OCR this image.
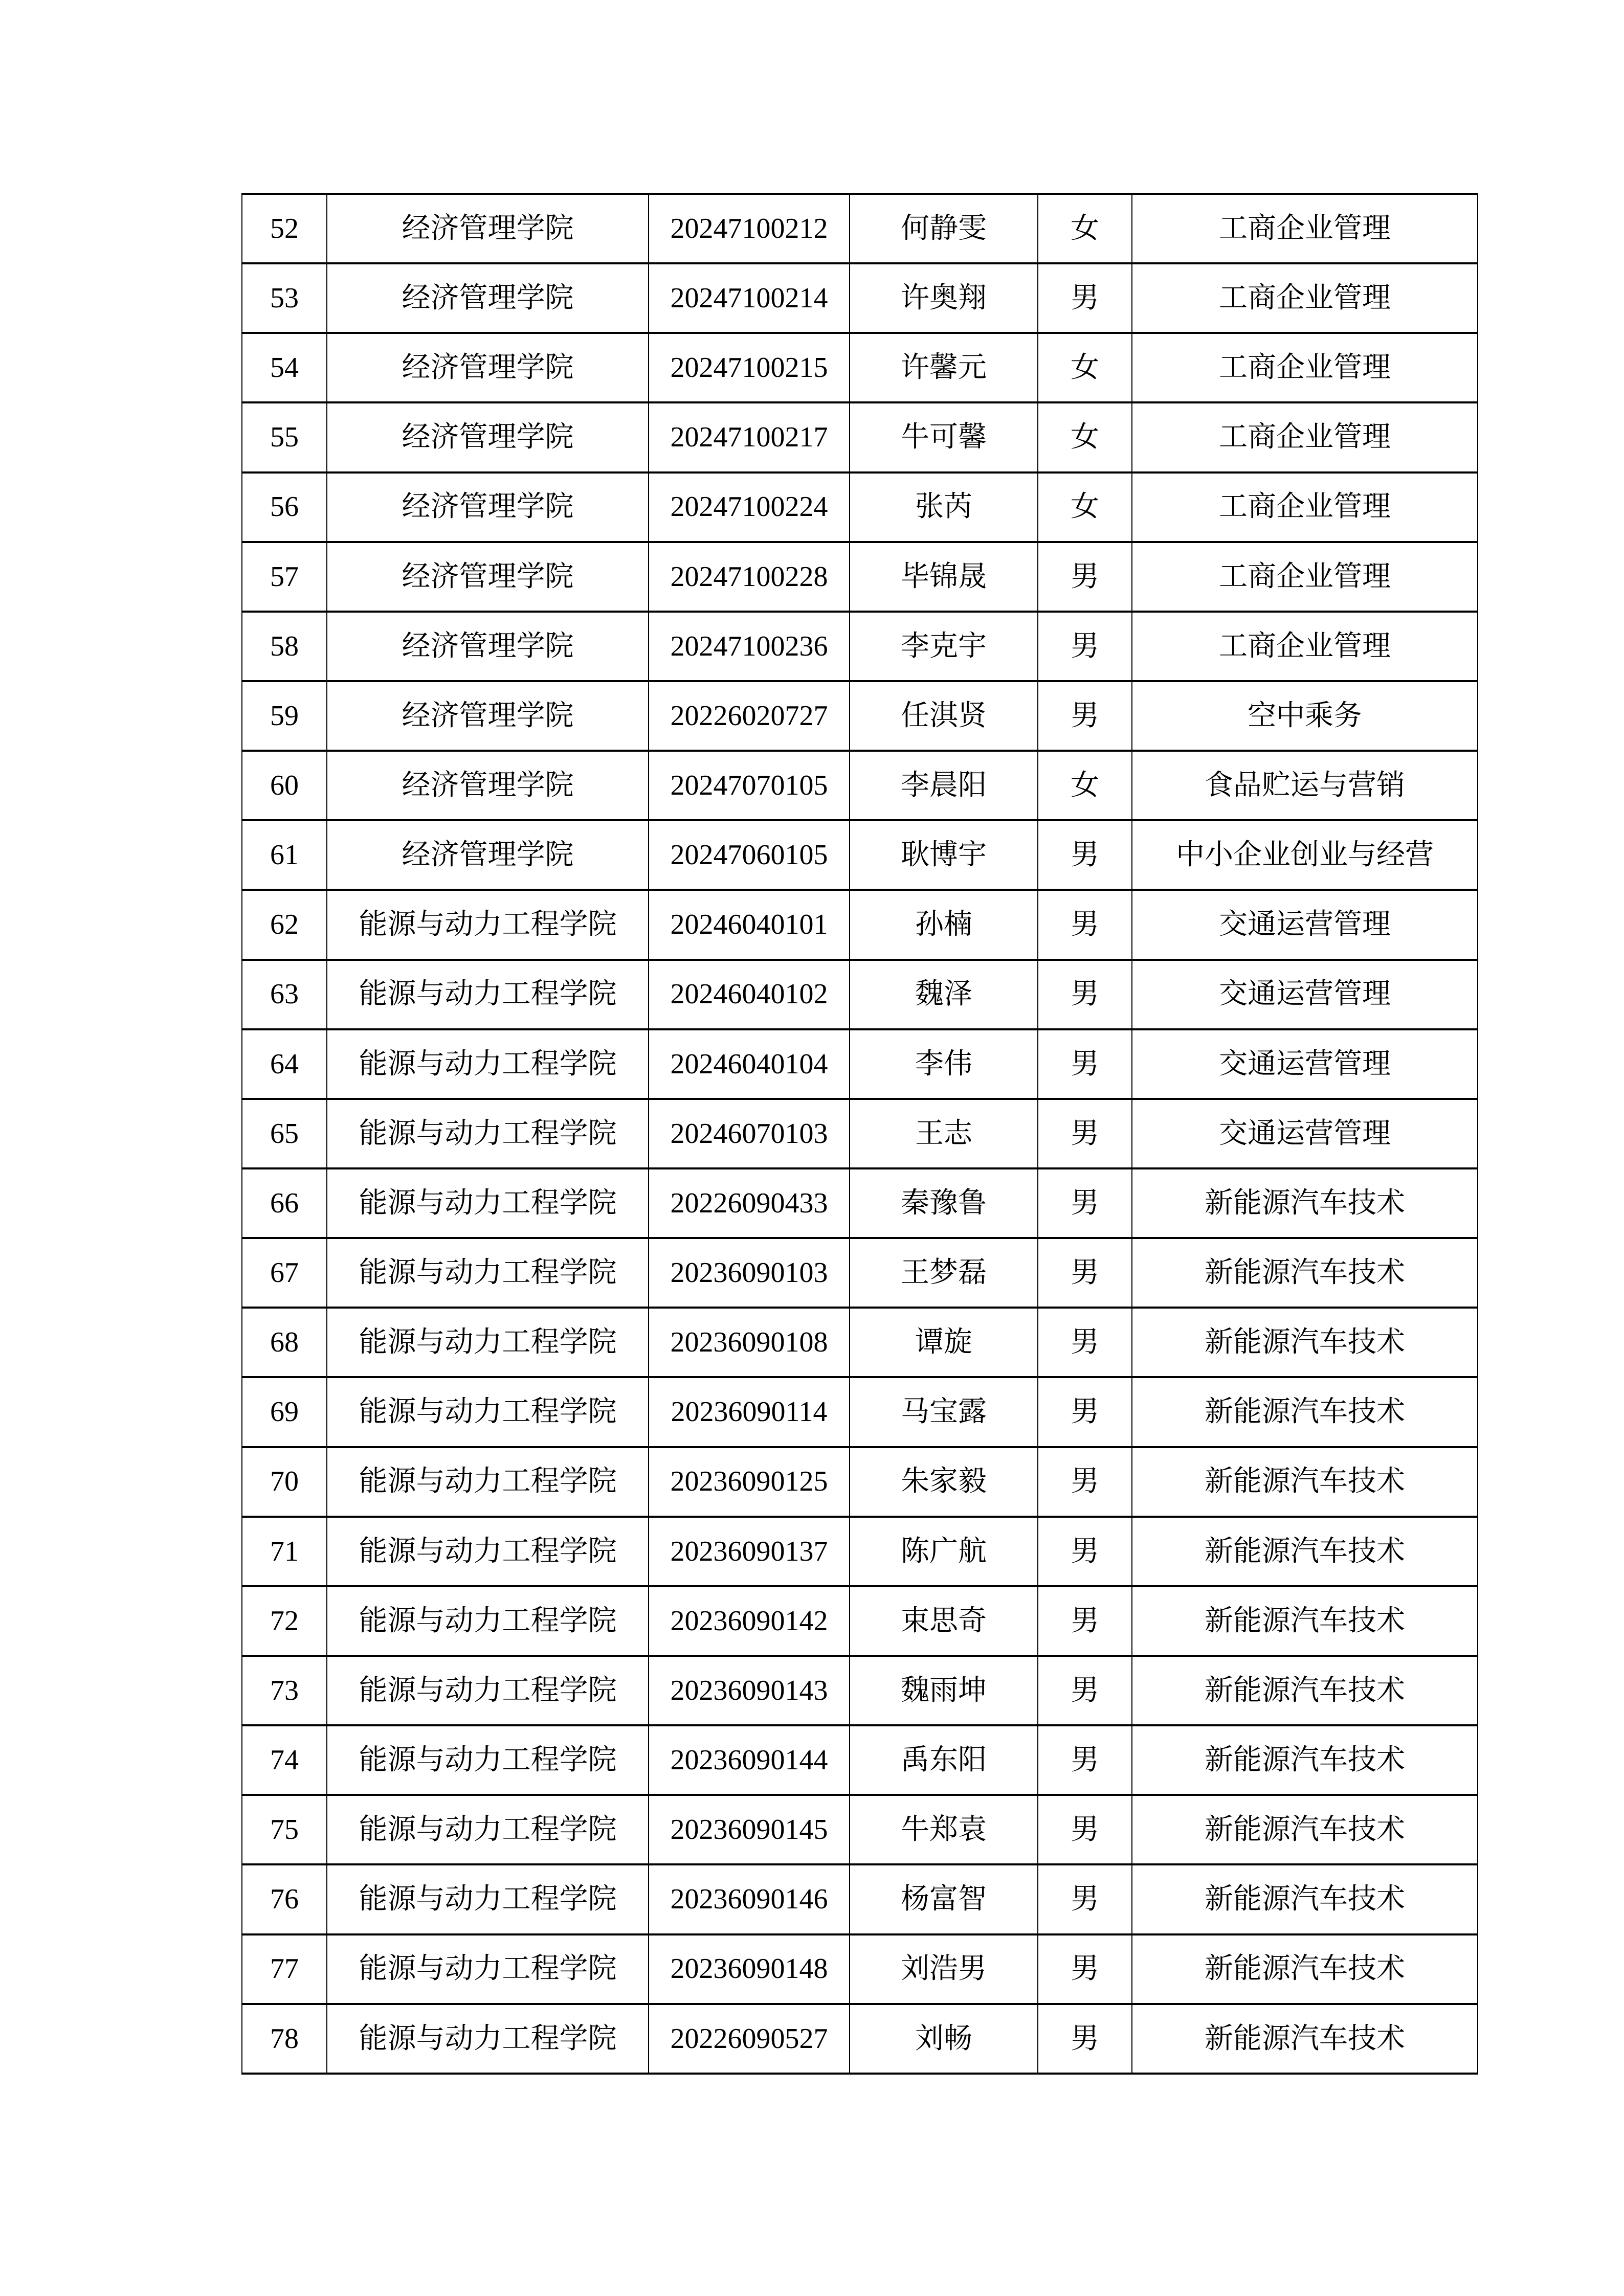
52	经济管理学院	20247100212	何静雯	女	工商企业管理
53	经济管理学院	20247100214	许奥翔	男	工商企业管理
54	经济管理学院	20247100215	许馨元	女	工商企业管理
55	经济管理学院	20247100217	牛可馨	女	工商企业管理
56	经济管理学院	20247100224	张芮	女	工商企业管理
57	经济管理学院	20247100228	毕锦晟	男	工商企业管理
58	经济管理学院	20247100236	李克宇	男	工商企业管理
59	经济管理学院	20226020727	任淇贤	男	空中乘务
60	经济管理学院	20247070105	李晨阳	女	食品贮运与营销
61	经济管理学院	20247060105	耿博宇	男	中小企业创业与经营
62	能源与动力工程学院	20246040101	孙楠	男	交通运营管理
63	能源与动力工程学院	20246040102	魏泽	男	交通运营管理
64	能源与动力工程学院	20246040104	李伟	男	交通运营管理
65	能源与动力工程学院	20246070103	王志	男	交通运营管理
66	能源与动力工程学院	20226090433	秦豫鲁	男	新能源汽车技术
67	能源与动力工程学院	20236090103	王梦磊	男	新能源汽车技术
68	能源与动力工程学院	20236090108	谭旋	男	新能源汽车技术
69	能源与动力工程学院	20236090114	马宝露	男	新能源汽车技术
70	能源与动力工程学院	20236090125	朱家毅	男	新能源汽车技术
71	能源与动力工程学院	20236090137	陈广航	男	新能源汽车技术
72	能源与动力工程学院	20236090142	束思奇	男	新能源汽车技术
73	能源与动力工程学院	20236090143	魏雨坤	男	新能源汽车技术
74	能源与动力工程学院	20236090144	禹东阳	男	新能源汽车技术
75	能源与动力工程学院	20236090145	牛郑袁	男	新能源汽车技术
76	能源与动力工程学院	20236090146	杨富智	男	新能源汽车技术
77	能源与动力工程学院	20236090148	刘浩男	男	新能源汽车技术
78	能源与动力工程学院	20226090527	刘畅	男	新能源汽车技术
